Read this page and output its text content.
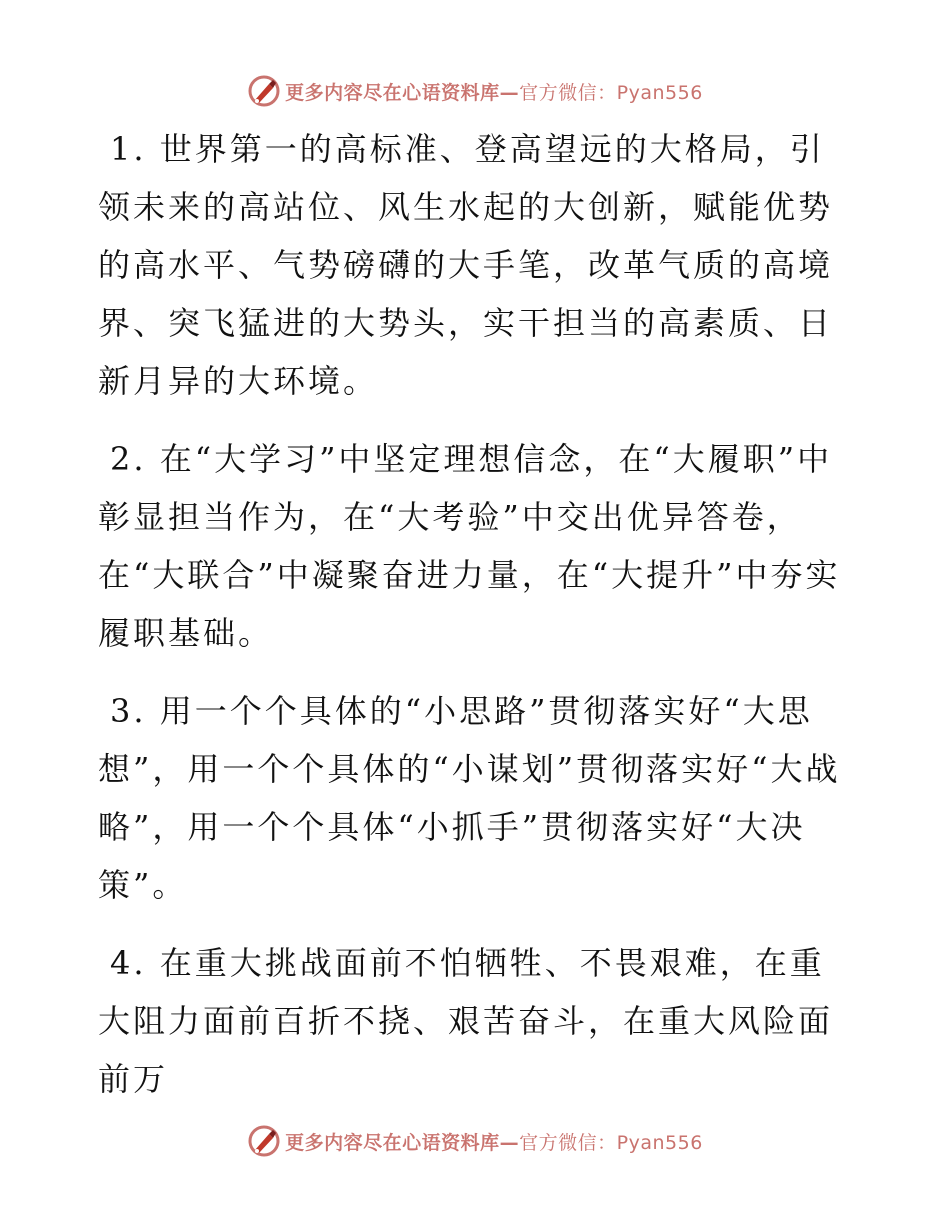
更多内容尽在心语资料库—官方微信：Pyan556

1. 世界第一的高标准、登高望远的大格局，引领未来的高站位、风生水起的大创新，赋能优势的高水平、气势磅礴的大手笔，改革气质的高境界、突飞猛进的大势头，实干担当的高素质、日新月异的大环境。

2. 在“大学习”中坚定理想信念，在“大履职”中彰显担当作为，在“大考验”中交出优异答卷，在“大联合”中凝聚奋进力量，在“大提升”中夯实履职基础。

3. 用一个个具体的“小思路”贯彻落实好“大思想”，用一个个具体的“小谋划”贯彻落实好“大战略”，用一个个具体“小抓手”贯彻落实好“大决策”。

4. 在重大挑战面前不怕牺牲、不畏艰难，在重大阻力面前百折不挠、艰苦奋斗，在重大风险面前万

更多内容尽在心语资料库—官方微信：Pyan556
